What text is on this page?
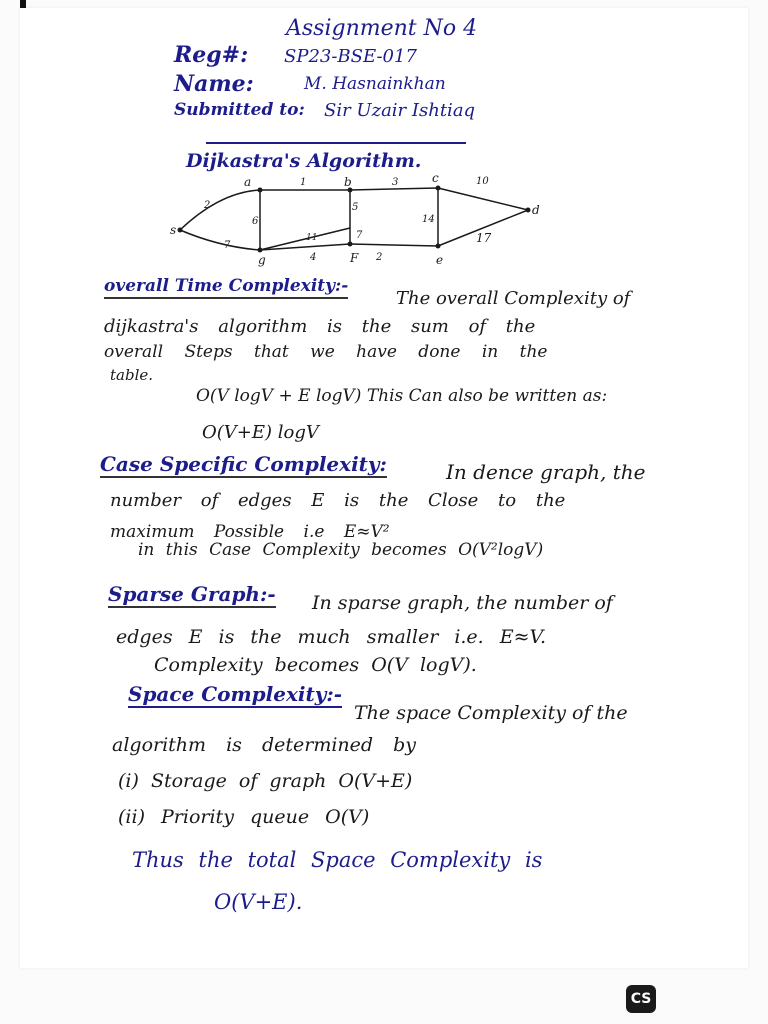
Assignment No 4
Reg#: SP23-BSE-017
Name:	M. Hasnainkhan
Submitted to: Sir Uzair Ishtiaq
Dijkastra's Algorithm.
s
a	b	c
d
g	F	e
2
1	3	10
6
5
14
7
11	7
4	2
17
overall Time Complexity:-
The overall Complexity of
dijkastra's algorithm is the sum of the
overall Steps that we have done in the
table.
O(V logV + E logV) This Can also be written as:
O(V+E) logV
Case Specific Complexity:	In dence graph, the
number of edges E is the Close to the
maximum Possible i.e E≈V²
in this Case Complexity becomes O(V²logV)
Sparse Graph:- In sparse graph, the number of
edges E is the much smaller i.e. E≈V.
Complexity becomes O(V logV).
Space Complexity:-
The space Complexity of the
algorithm is determined by
(i) Storage of graph O(V+E)
(ii) Priority queue O(V)
Thus the total Space Complexity is
O(V+E).
CS
